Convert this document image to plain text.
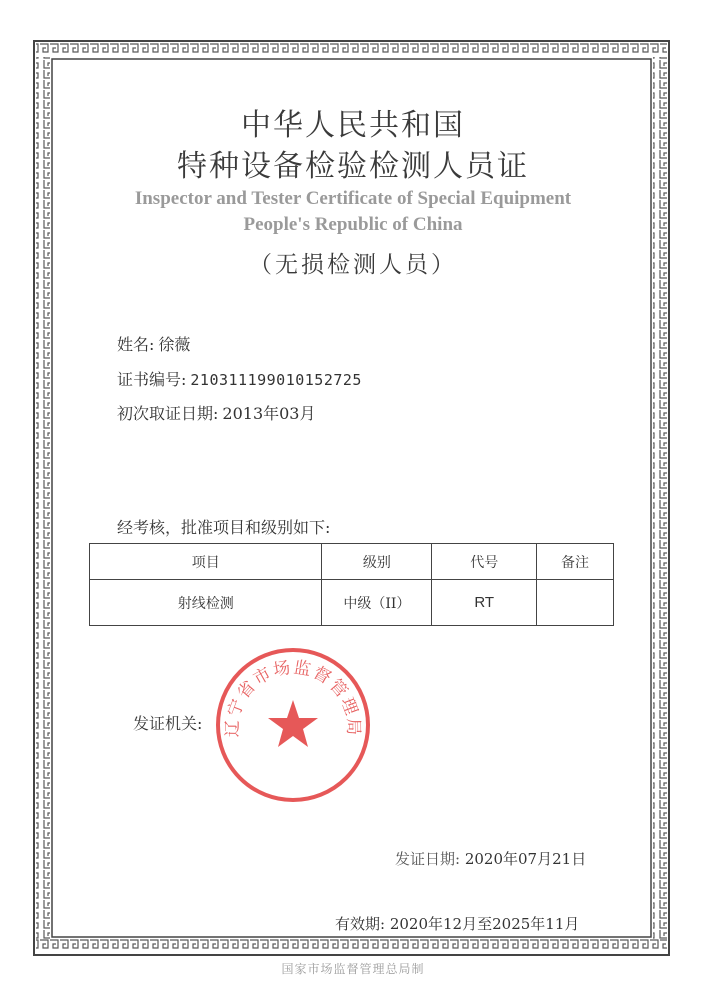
中华人民共和国
特种设备检验检测人员证
Inspector and Tester Certificate of Special Equipment
People's Republic of China
（无损检测人员）
姓名: 徐薇
证书编号: 210311199010152725
初次取证日期: 2013年03月
经考核，批准项目和级别如下:
项目	级别	代号	备注
射线检测	中级（II）	RT	
发证机关: 辽宁省市场监督管理局
发证日期: 2020年07月21日
有效期: 2020年12月至2025年11月
国家市场监督管理总局制
